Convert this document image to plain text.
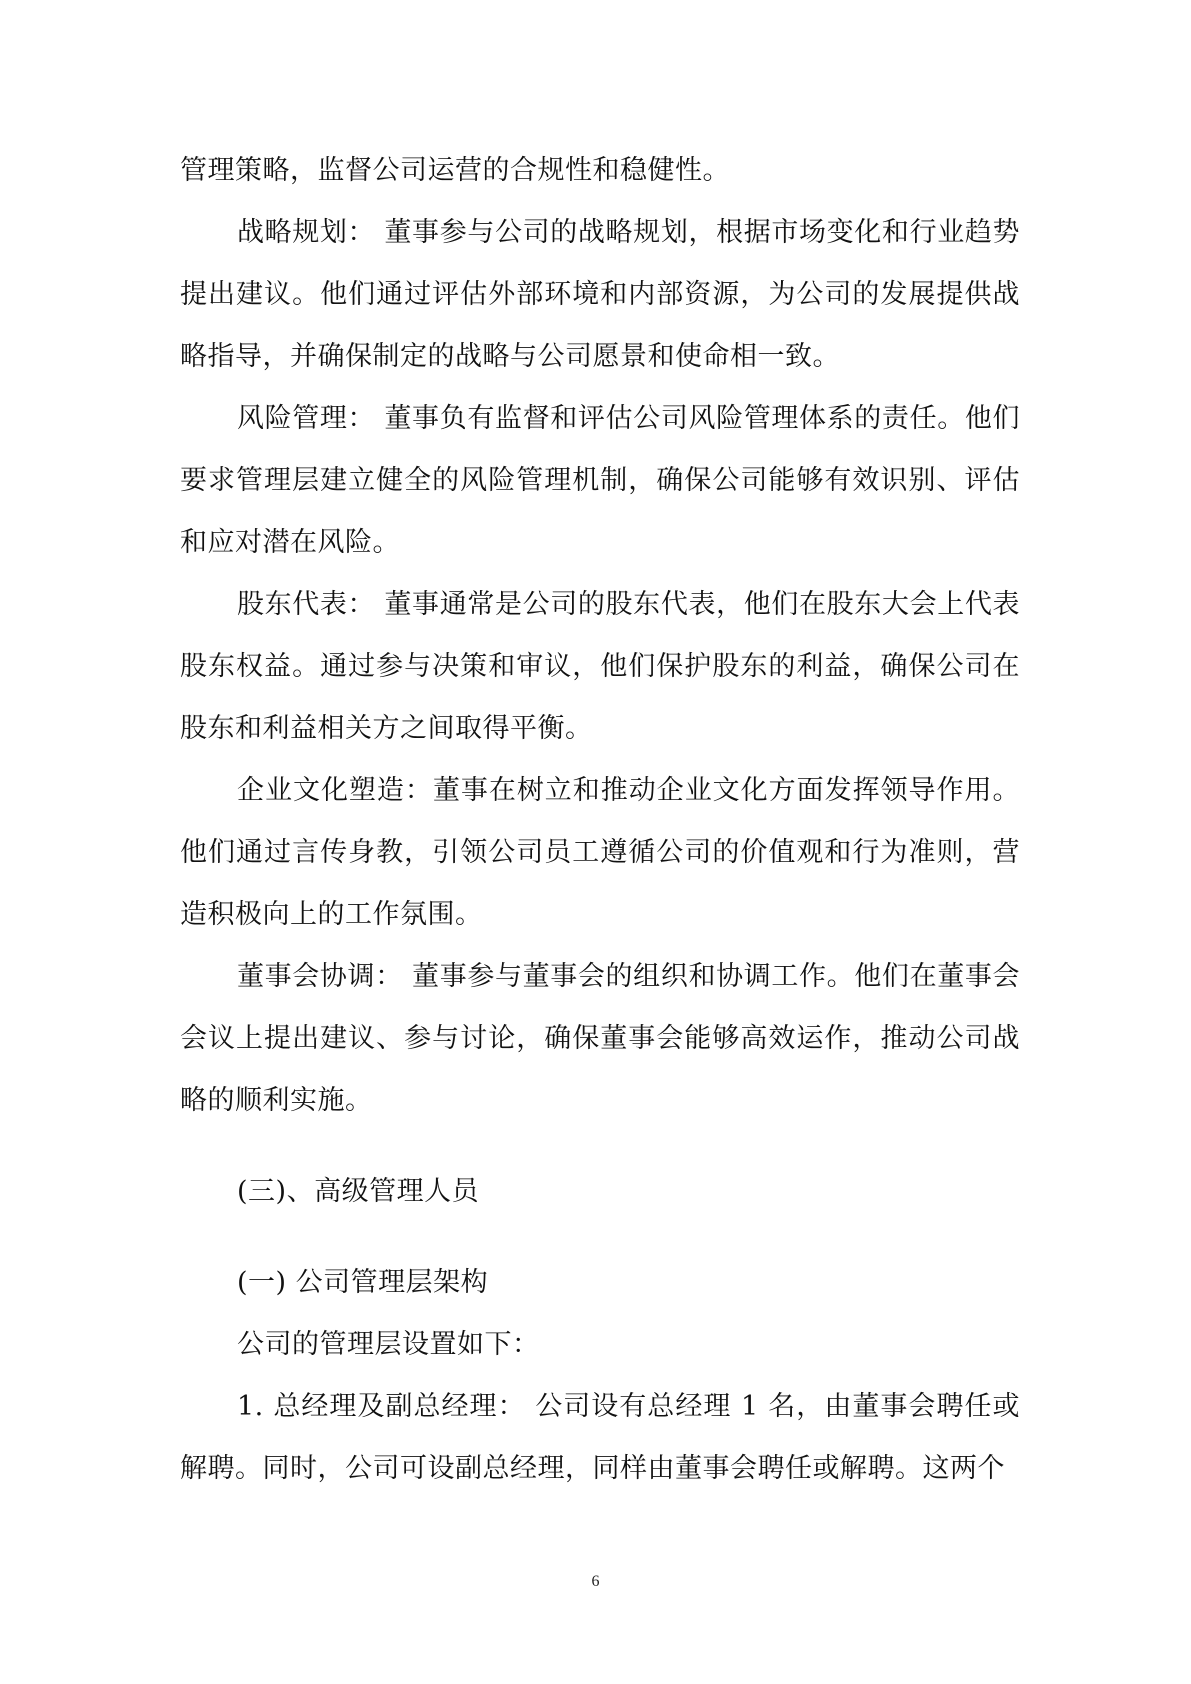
管理策略，监督公司运营的合规性和稳健性。

战略规划： 董事参与公司的战略规划，根据市场变化和行业趋势提出建议。他们通过评估外部环境和内部资源，为公司的发展提供战略指导，并确保制定的战略与公司愿景和使命相一致。

风险管理： 董事负有监督和评估公司风险管理体系的责任。他们要求管理层建立健全的风险管理机制，确保公司能够有效识别、评估和应对潜在风险。

股东代表： 董事通常是公司的股东代表，他们在股东大会上代表股东权益。通过参与决策和审议，他们保护股东的利益，确保公司在股东和利益相关方之间取得平衡。

企业文化塑造：董事在树立和推动企业文化方面发挥领导作用。他们通过言传身教，引领公司员工遵循公司的价值观和行为准则，营造积极向上的工作氛围。

董事会协调： 董事参与董事会的组织和协调工作。他们在董事会会议上提出建议、参与讨论，确保董事会能够高效运作，推动公司战略的顺利实施。

(三)、高级管理人员

(一) 公司管理层架构

公司的管理层设置如下：

1. 总经理及副总经理： 公司设有总经理 1 名，由董事会聘任或解聘。同时，公司可设副总经理，同样由董事会聘任或解聘。这两个

6
